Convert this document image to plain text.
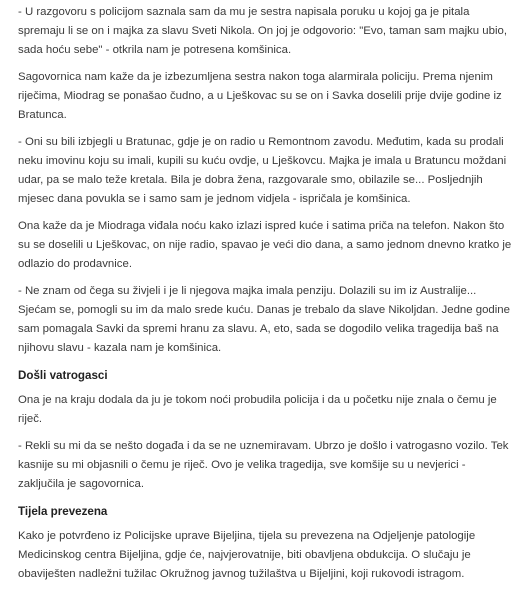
- U razgovoru s policijom saznala sam da mu je sestra napisala poruku u kojoj ga je pitala spremaju li se on i majka za slavu Sveti Nikola. On joj je odgovorio: "Evo, taman sam majku ubio, sada hoću sebe" - otkrila nam je potresena komšinica.

Sagovornica nam kaže da je izbezumljena sestra nakon toga alarmirala policiju. Prema njenim riječima, Miodrag se ponašao čudno, a u Lješkovac su se on i Savka doselili prije dvije godine iz Bratunca.

- Oni su bili izbjegli u Bratunac, gdje je on radio u Remontnom zavodu. Međutim, kada su prodali neku imovinu koju su imali, kupili su kuću ovdje, u Lješkovcu. Majka je imala u Bratuncu moždani udar, pa se malo teže kretala. Bila je dobra žena, razgovarale smo, obilazile se... Posljednjih mjesec dana povukla se i samo sam je jednom vidjela - ispričala je komšinica.

Ona kaže da je Miodraga viđala noću kako izlazi ispred kuće i satima priča na telefon. Nakon što su se doselili u Lješkovac, on nije radio, spavao je veći dio dana, a samo jednom dnevno kratko je odlazio do prodavnice.

- Ne znam od čega su živjeli i je li njegova majka imala penziju. Dolazili su im iz Australije... Sjećam se, pomogli su im da malo srede kuću. Danas je trebalo da slave Nikoljdan. Jedne godine sam pomagala Savki da spremi hranu za slavu. A, eto, sada se dogodilo velika tragedija baš na njihovu slavu - kazala nam je komšinica.

Došli vatrogasci

Ona je na kraju dodala da ju je tokom noći probudila policija i da u početku nije znala o čemu je riječ.

- Rekli su mi da se nešto događa i da se ne uznemiravam. Ubrzo je došlo i vatrogasno vozilo. Tek kasnije su mi objasnili o čemu je riječ. Ovo je velika tragedija, sve komšije su u nevjerici - zaključila je sagovornica.

Tijela prevezena

Kako je potvrđeno iz Policijske uprave Bijeljina, tijela su prevezena na Odjeljenje patologije Medicinskog centra Bijeljina, gdje će, najvjerovatnije, biti obavljena obdukcija. O slučaju je obaviješten nadležni tužilac Okružnog javnog tužilaštva u Bijeljini, koji rukovodi istragom.
